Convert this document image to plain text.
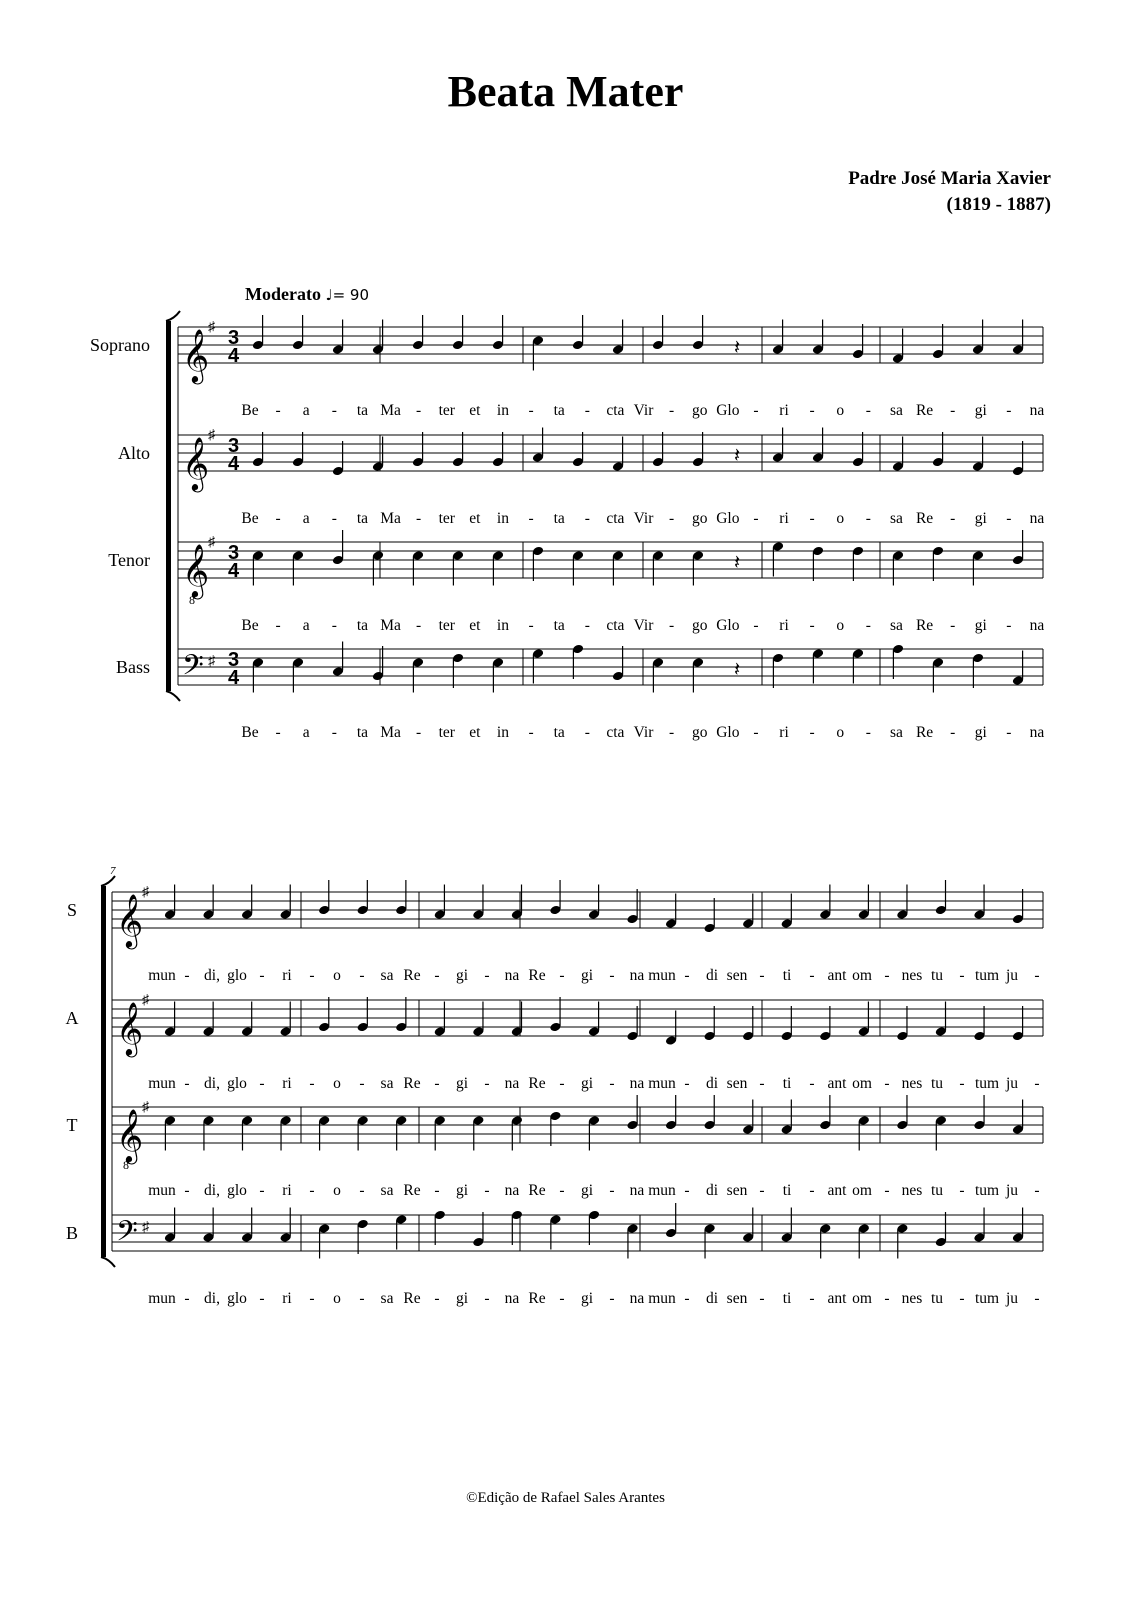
Beata Mater
Padre José Maria Xavier
(1819 - 1887)
Moderato ♩= 90
Soprano 𝄞
♯ 3
4	𝄽
Be - a - ta Ma - ter et in - ta - cta Vir - go Glo - ri - o - sa Re - gi - na
Alto 𝄞
♯ 3
4	𝄽
Be - a - ta Ma - ter et in - ta - cta Vir - go Glo - ri - o - sa Re - gi - na
Tenor 𝄞
8
♯ 3
4	𝄽
Be - a - ta Ma - ter et in - ta - cta Vir - go Glo - ri - o - sa Re - gi - na
Bass 𝄢 ♯ 3
4	𝄽
Be - a - ta Ma - ter et in - ta - cta Vir - go Glo - ri - o - sa Re - gi - na
7
S 𝄞
♯
mun - di, glo - ri - o - sa Re - gi - na Re - gi - na mun - di sen - ti - ant om - nes tu - tum ju -
A 𝄞
♯
mun - di, glo - ri - o - sa Re - gi - na Re - gi - na mun - di sen - ti - ant om - nes tu - tum ju -
T 𝄞
8
♯
mun - di, glo - ri - o - sa Re - gi - na Re - gi - na mun - di sen - ti - ant om - nes tu - tum ju -
B 𝄢 ♯
mun - di, glo - ri - o - sa Re - gi - na Re - gi - na mun - di sen - ti - ant om - nes tu - tum ju -
©Edição de Rafael Sales Arantes
